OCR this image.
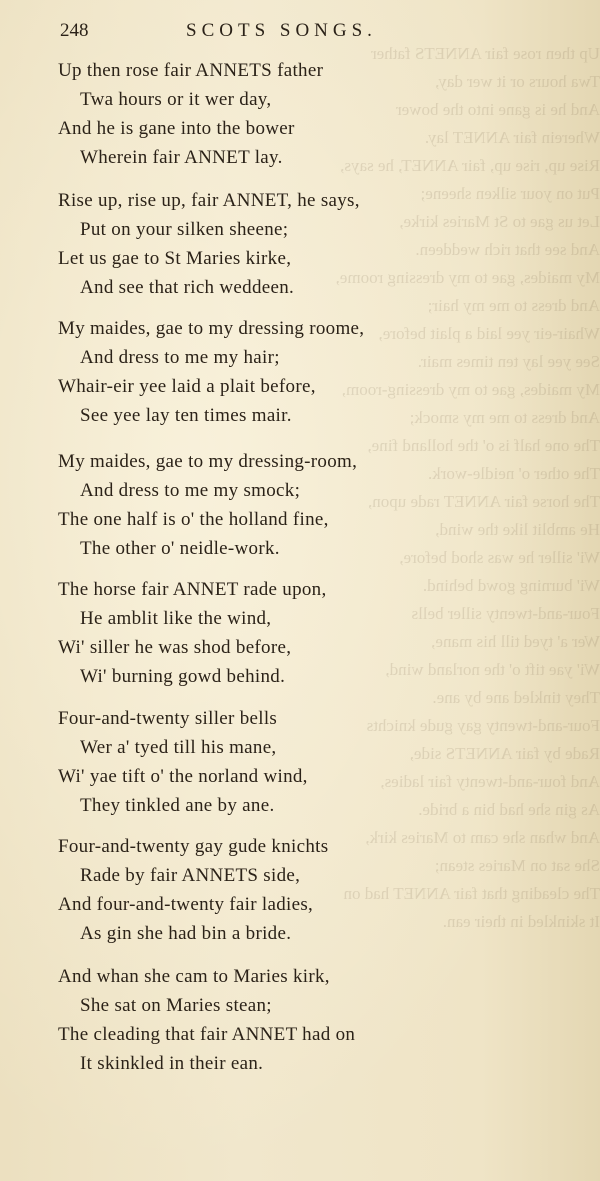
Up then rose fair ANNETS father
Twa hours or it wer day,
And he is gane into the bower
Wherein fair ANNET lay.
Rise up, rise up, fair ANNET, he says,
Put on your silken sheene;
Let us gae to St Maries kirke,
And see that rich weddeen.
My maides, gae to my dressing roome,
And dress to me my hair;
Whair-eir yee laid a plait before,
See yee lay ten times mair.
My maides, gae to my dressing-room,
And dress to me my smock;
The one half is o' the holland fine,
The other o' neidle-work.
The horse fair ANNET rade upon,
He amblit like the wind,
Wi' siller he was shod before,
Wi' burning gowd behind.
Four-and-twenty siller bells
Wer a' tyed till his mane,
Wi' yae tift o' the norland wind,
They tinkled ane by ane.
Four-and-twenty gay gude knichts
Rade by fair ANNETS side,
And four-and-twenty fair ladies,
As gin she had bin a bride.
And whan she cam to Maries kirk,
She sat on Maries stean;
The cleading that fair ANNET had on
It skinkled in their ean.
248	SCOTS SONGS.
Up then rose fair ANNETS father
Twa hours or it wer day,
And he is gane into the bower
Wherein fair ANNET lay.
Rise up, rise up, fair ANNET, he says,
Put on your silken sheene;
Let us gae to St Maries kirke,
And see that rich weddeen.
My maides, gae to my dressing roome,
And dress to me my hair;
Whair-eir yee laid a plait before,
See yee lay ten times mair.
My maides, gae to my dressing-room,
And dress to me my smock;
The one half is o' the holland fine,
The other o' neidle-work.
The horse fair ANNET rade upon,
He amblit like the wind,
Wi' siller he was shod before,
Wi' burning gowd behind.
Four-and-twenty siller bells
Wer a' tyed till his mane,
Wi' yae tift o' the norland wind,
They tinkled ane by ane.
Four-and-twenty gay gude knichts
Rade by fair ANNETS side,
And four-and-twenty fair ladies,
As gin she had bin a bride.
And whan she cam to Maries kirk,
She sat on Maries stean;
The cleading that fair ANNET had on
It skinkled in their ean.
